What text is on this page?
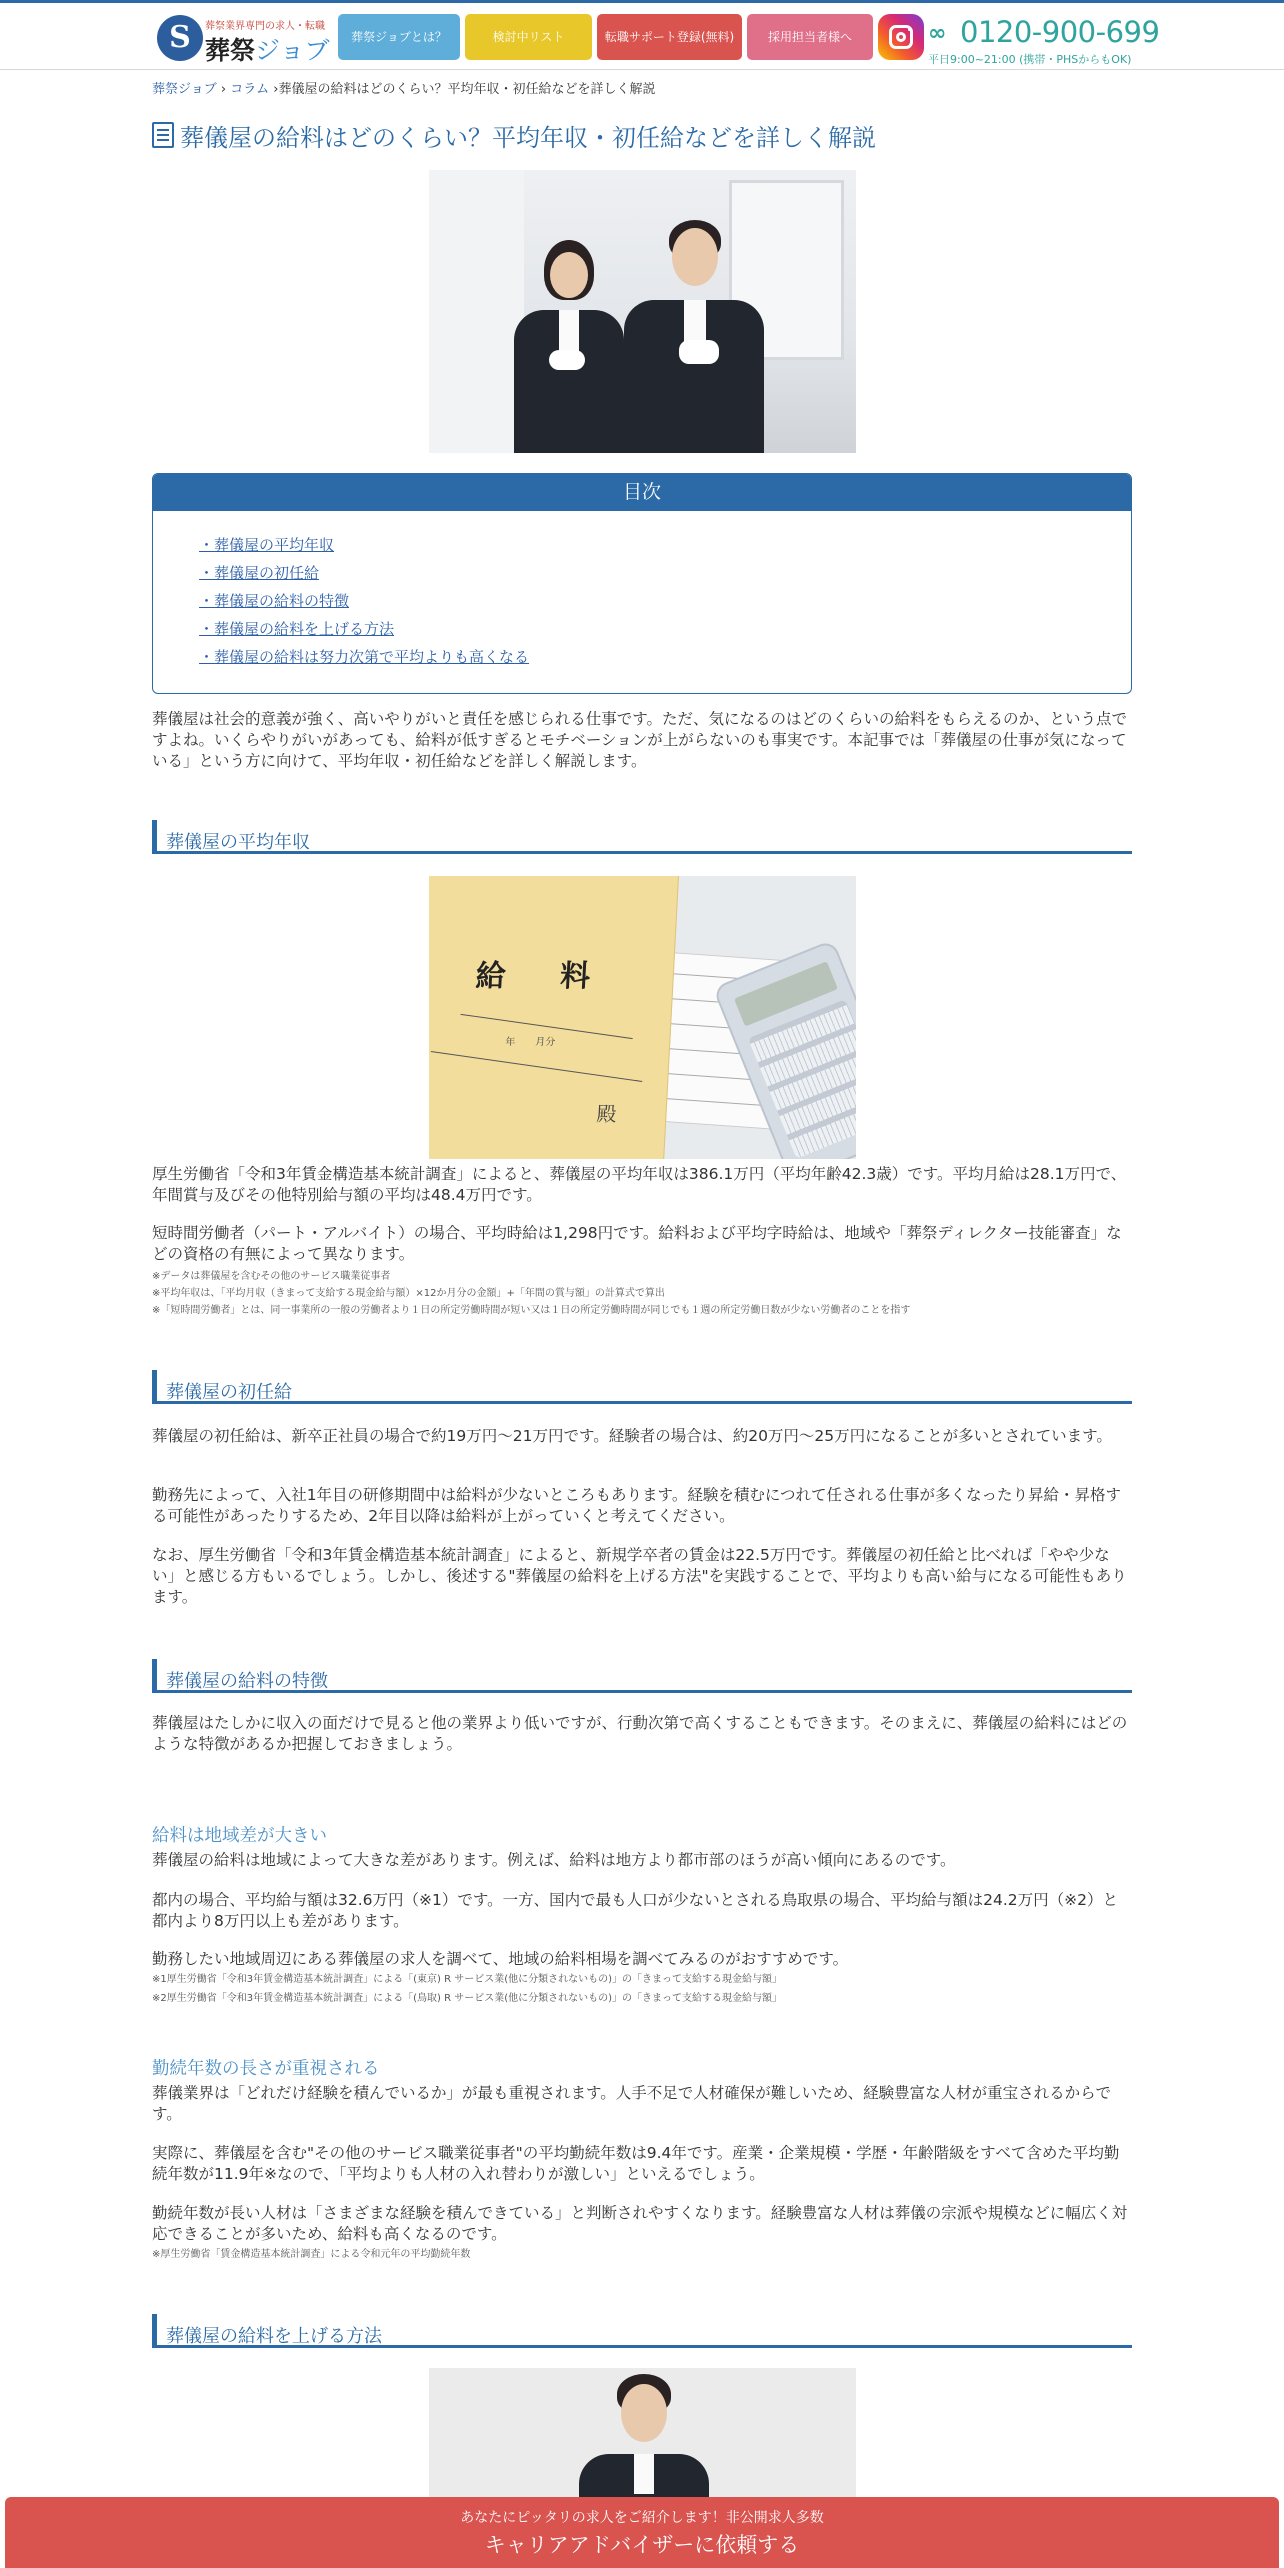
S	葬祭業界専門の求人・転職
葬祭ジョブ	葬祭ジョブとは？	検討中リスト	転職サポート登録(無料)	採用担当者様へ	∞ 0120-900-699
平日9:00~21:00 (携帯・PHSからもOK)
葬祭ジョブ › コラム ›葬儀屋の給料はどのくらい？平均年収・初任給などを詳しく解説
葬儀屋の給料はどのくらい？平均年収・初任給などを詳しく解説
目次
・葬儀屋の平均年収
・葬儀屋の初任給
・葬儀屋の給料の特徴
・葬儀屋の給料を上げる方法
・葬儀屋の給料は努力次第で平均よりも高くなる

葬儀屋は社会的意義が強く、高いやりがいと責任を感じられる仕事です。ただ、気になるのはどのくらいの給料をもらえるのか、という点ですよね。いくらやりがいがあっても、給料が低すぎるとモチベーションが上がらないのも事実です。本記事では「葬儀屋の仕事が気になっている」という方に向けて、平均年収・初任給などを詳しく解説します。

葬儀屋の平均年収
給 料
年　　月分
殿

厚生労働省「令和3年賃金構造基本統計調査」によると、葬儀屋の平均年収は386.1万円（平均年齢42.3歳）です。平均月給は28.1万円で、年間賞与及びその他特別給与額の平均は48.4万円です。

短時間労働者（パート・アルバイト）の場合、平均時給は1,298円です。給料および平均字時給は、地域や「葬祭ディレクター技能審査」などの資格の有無によって異なります。

※データは葬儀屋を含むその他のサービス職業従事者

※平均年収は、「平均月収（きまって支給する現金給与額）×12か月分の金額」+「年間の賞与額」の計算式で算出

※「短時間労働者」とは、同一事業所の一般の労働者より１日の所定労働時間が短い又は１日の所定労働時間が同じでも１週の所定労働日数が少ない労働者のことを指す

葬儀屋の初任給

葬儀屋の初任給は、新卒正社員の場合で約19万円～21万円です。経験者の場合は、約20万円〜25万円になることが多いとされています。

勤務先によって、入社1年目の研修期間中は給料が少ないところもあります。経験を積むにつれて任される仕事が多くなったり昇給・昇格する可能性があったりするため、2年目以降は給料が上がっていくと考えてください。

なお、厚生労働省「令和3年賃金構造基本統計調査」によると、新規学卒者の賃金は22.5万円です。葬儀屋の初任給と比べれば「やや少ない」と感じる方もいるでしょう。しかし、後述する"葬儀屋の給料を上げる方法"を実践することで、平均よりも高い給与になる可能性もあります。

葬儀屋の給料の特徴

葬儀屋はたしかに収入の面だけで見ると他の業界より低いですが、行動次第で高くすることもできます。そのまえに、葬儀屋の給料にはどのような特徴があるか把握しておきましょう。

給料は地域差が大きい

葬儀屋の給料は地域によって大きな差があります。例えば、給料は地方より都市部のほうが高い傾向にあるのです。

都内の場合、平均給与額は32.6万円（※1）です。一方、国内で最も人口が少ないとされる鳥取県の場合、平均給与額は24.2万円（※2）と都内より8万円以上も差があります。

勤務したい地域周辺にある葬儀屋の求人を調べて、地域の給料相場を調べてみるのがおすすめです。

※1厚生労働省「令和3年賃金構造基本統計調査」による「(東京) R サービス業(他に分類されないもの)」の「きまって支給する現金給与額」

※2厚生労働省「令和3年賃金構造基本統計調査」による「(鳥取) R サービス業(他に分類されないもの)」の「きまって支給する現金給与額」

勤続年数の長さが重視される

葬儀業界は「どれだけ経験を積んでいるか」が最も重視されます。人手不足で人材確保が難しいため、経験豊富な人材が重宝されるからです。

実際に、葬儀屋を含む"その他のサービス職業従事者"の平均勤続年数は9.4年です。産業・企業規模・学歴・年齢階級をすべて含めた平均勤続年数が11.9年※なので、「平均よりも人材の入れ替わりが激しい」といえるでしょう。

勤続年数が長い人材は「さまざまな経験を積んできている」と判断されやすくなります。経験豊富な人材は葬儀の宗派や規模などに幅広く対応できることが多いため、給料も高くなるのです。

※厚生労働省「賃金構造基本統計調査」による令和元年の平均勤続年数

葬儀屋の給料を上げる方法
あなたにピッタリの求人をご紹介します！非公開求人多数
キャリアアドバイザーに依頼する
